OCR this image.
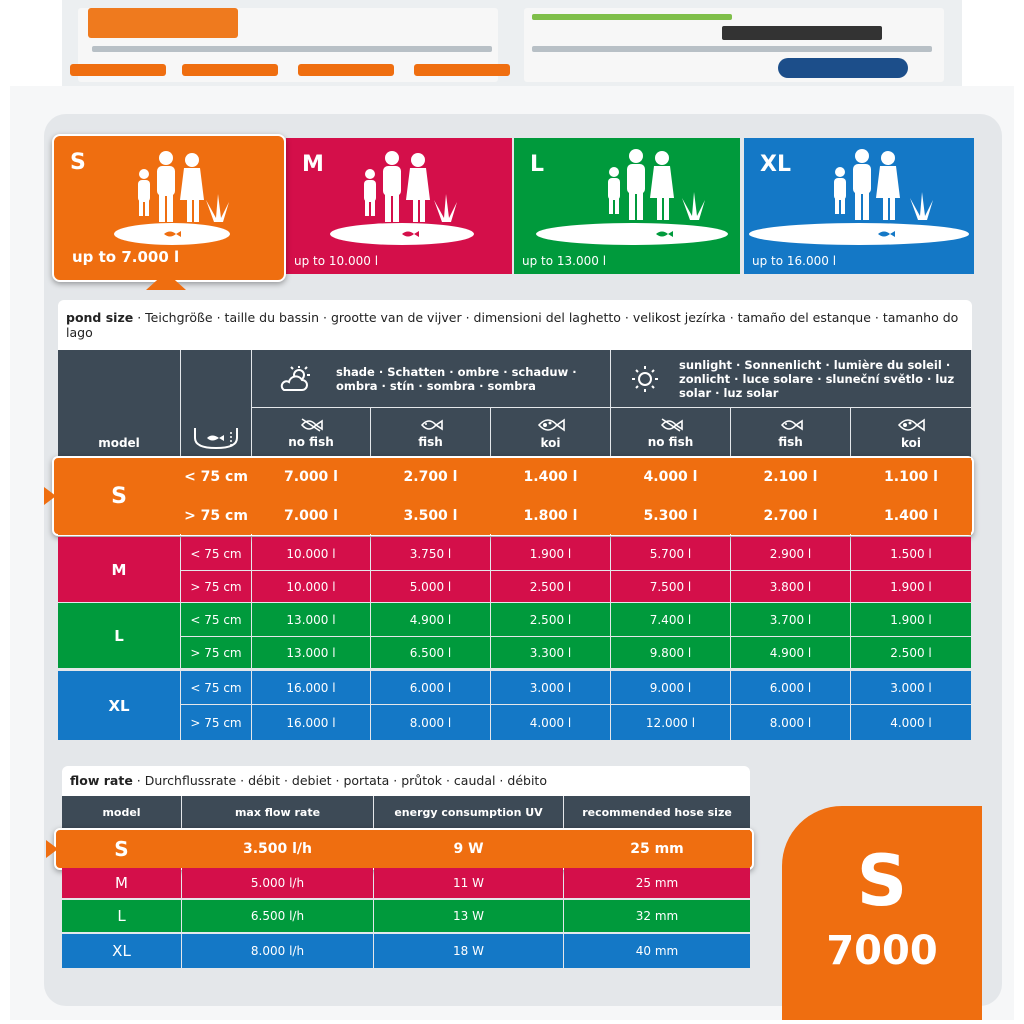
S
up to 7.000 l
M
up to 10.000 l
L
up to 13.000 l
XL
up to 16.000 l
pond size · Teichgröße · taille du bassin · grootte van de vijver · dimensioni del laghetto · velikost jezírka · tamaño del estanque · tamanho do lago
model
shade · Schatten · ombre · schaduw · ombra · stín · sombra · sombra
sunlight · Sonnenlicht · lumière du soleil · zonlicht · luce solare · sluneční světlo · luz solar · luz solar
no fish	fish	koi	no fish	fish	koi
S
< 75 cm	7.000 l	2.700 l	1.400 l	4.000 l	2.100 l	1.100 l
> 75 cm	7.000 l	3.500 l	1.800 l	5.300 l	2.700 l	1.400 l
M
< 75 cm	10.000 l	3.750 l	1.900 l	5.700 l	2.900 l	1.500 l
> 75 cm	10.000 l	5.000 l	2.500 l	7.500 l	3.800 l	1.900 l
L
< 75 cm	13.000 l	4.900 l	2.500 l	7.400 l	3.700 l	1.900 l
> 75 cm	13.000 l	6.500 l	3.300 l	9.800 l	4.900 l	2.500 l
XL
< 75 cm	16.000 l	6.000 l	3.000 l	9.000 l	6.000 l	3.000 l
> 75 cm	16.000 l	8.000 l	4.000 l	12.000 l	8.000 l	4.000 l
flow rate · Durchflussrate · débit · debiet · portata · průtok · caudal · débito
model	max flow rate	energy consumption UV	recommended hose size
S	3.500 l/h	9 W	25 mm
M	5.000 l/h	11 W	25 mm
L	6.500 l/h	13 W	32 mm
XL	8.000 l/h	18 W	40 mm
S
7000
